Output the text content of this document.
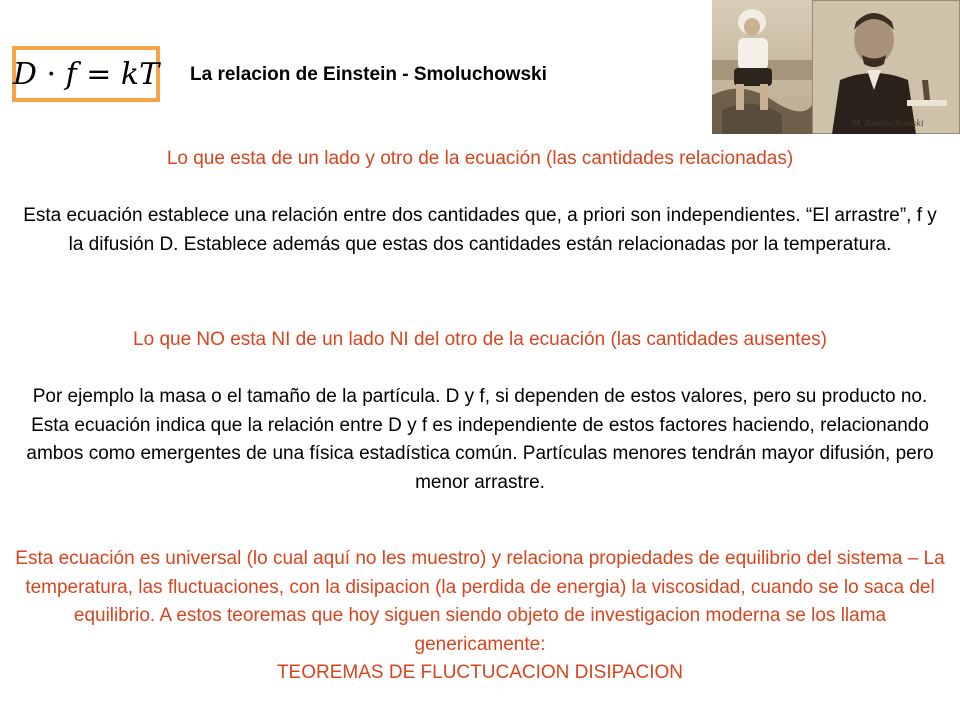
D · f = kT La relacion de Einstein - Smoluchowski
M. Smoluchowski

Lo que esta de un lado y otro de la ecuación (las cantidades relacionadas)

Esta ecuación establece una relación entre dos cantidades que, a priori son independientes. “El arrastre”, f y la difusión D. Establece además que estas dos cantidades están relacionadas por la temperatura.

Lo que NO esta NI de un lado NI del otro de la ecuación (las cantidades ausentes)

Por ejemplo la masa o el tamaño de la partícula. D y f, si dependen de estos valores, pero su producto no. Esta ecuación indica que la relación entre D y f es independiente de estos factores haciendo, relacionando ambos como emergentes de una física estadística común. Partículas menores tendrán mayor difusión, pero menor arrastre.

Esta ecuación es universal (lo cual aquí no les muestro) y relaciona propiedades de equilibrio del sistema – La temperatura, las fluctuaciones, con la disipacion (la perdida de energia) la viscosidad, cuando se lo saca del equilibrio. A estos teoremas que hoy siguen siendo objeto de investigacion moderna se los llama genericamente:

TEOREMAS DE FLUCTUCACION DISIPACION
